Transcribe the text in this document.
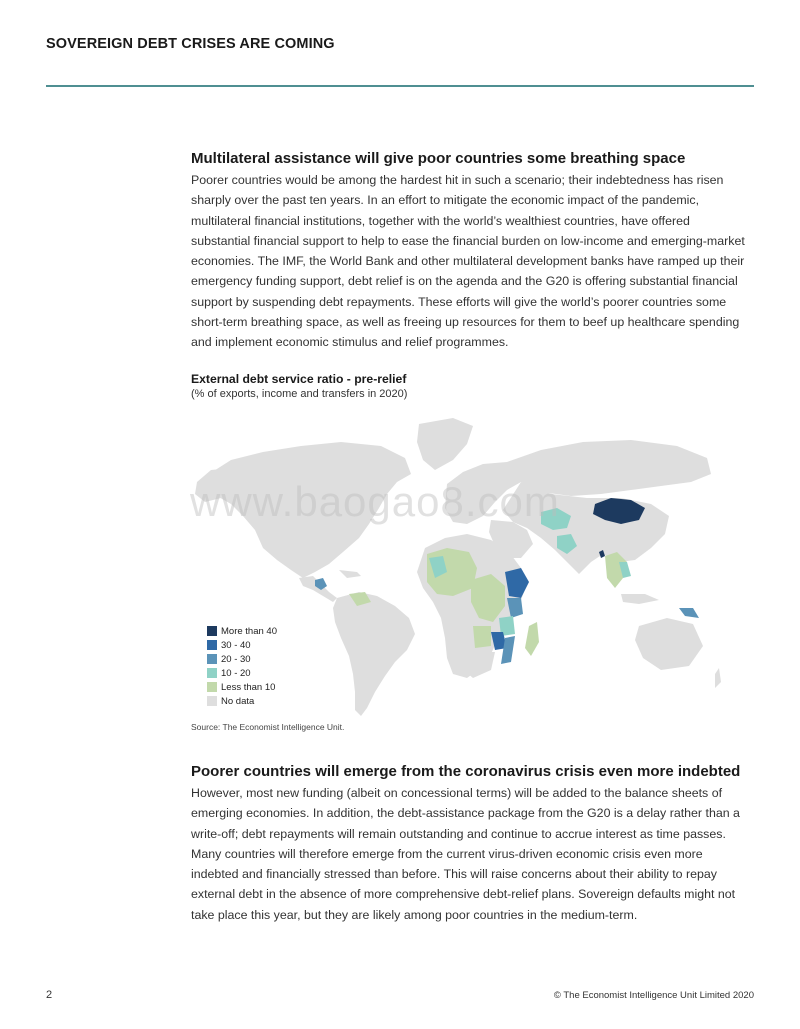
SOVEREIGN DEBT CRISES ARE COMING
Multilateral assistance will give poor countries some breathing space

Poorer countries would be among the hardest hit in such a scenario; their indebtedness has risen
sharply over the past ten years. In an effort to mitigate the economic impact of the pandemic,
multilateral financial institutions, together with the world’s wealthiest countries, have offered
substantial financial support to help to ease the financial burden on low-income and emerging-market
economies. The IMF, the World Bank and other multilateral development banks have ramped up their
emergency funding support, debt relief is on the agenda and the G20 is offering substantial financial
support by suspending debt repayments. These efforts will give the world’s poorer countries some
short-term breathing space, as well as freeing up resources for them to beef up healthcare spending
and implement economic stimulus and relief programmes.

External debt service ratio - pre-relief

(% of exports, income and transfers in 2020)

More than 40
30 - 40
20 - 30
10 - 20
Less than 10
No data
www.baogao8.com
Source: The Economist Intelligence Unit.
Poorer countries will emerge from the coronavirus crisis even more indebted

However, most new funding (albeit on concessional terms) will be added to the balance sheets of
emerging economies. In addition, the debt-assistance package from the G20 is a delay rather than a
write-off; debt repayments will remain outstanding and continue to accrue interest as time passes.
Many countries will therefore emerge from the current virus-driven economic crisis even more
indebted and financially stressed than before. This will raise concerns about their ability to repay
external debt in the absence of more comprehensive debt-relief plans. Sovereign defaults might not
take place this year, but they are likely among poor countries in the medium-term.

2	© The Economist Intelligence Unit Limited 2020
